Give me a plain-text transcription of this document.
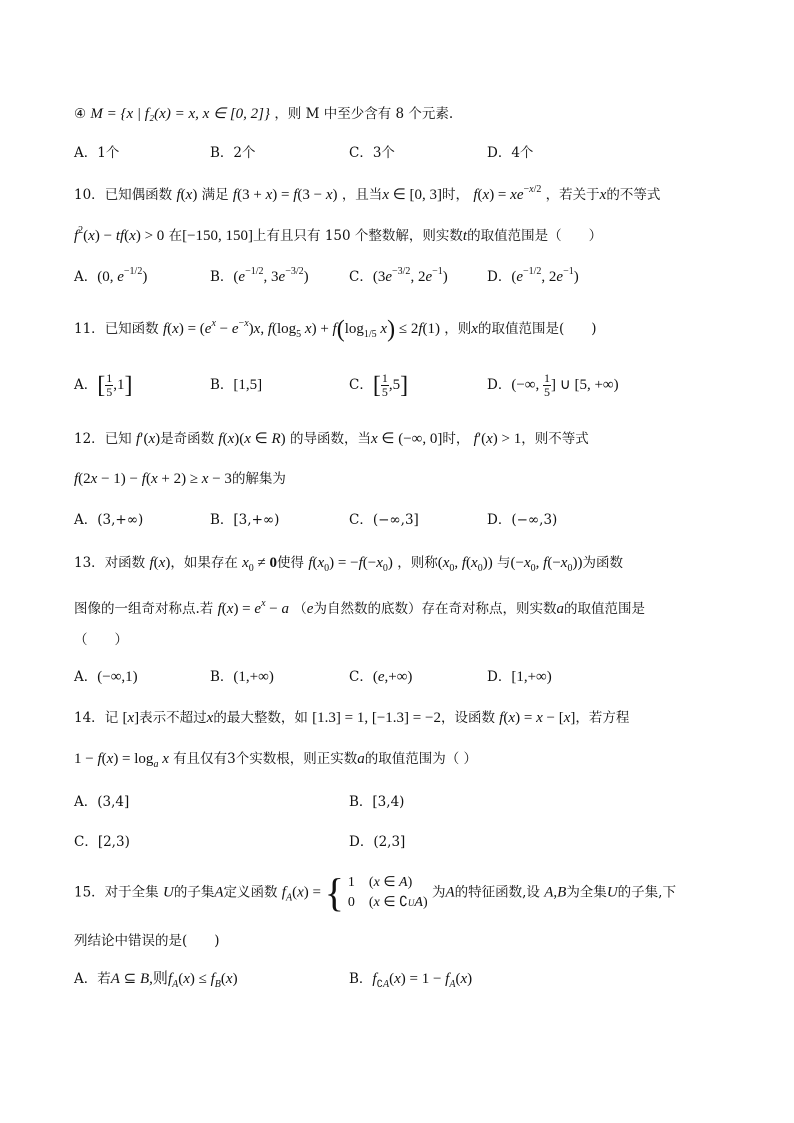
④ M = {x | f₂(x) = x, x ∈ [0, 2]} ，则 M 中至少含有 8 个元素.
A．1个	B．2个	C．3个	D．4个
10．已知偶函数 f(x) 满足 f(3 + x) = f(3 − x) ，且当x ∈ [0, 3]时， $f(x) = xe^{-x/2}$ ，若关于x的不等式
$f^2(x) - tf(x) > 0$ 在[−150, 150]上有且只有 150 个整数解，则实数t的取值范围是（　　）
A．(0, $e^{-1/2}$)	B．($e^{-1/2}$, $3e^{-3/2}$)	C．($3e^{-3/2}$, $2e^{-1}$)	D．($e^{-1/2}$, $2e^{-1}$)
11．已知函数 $f(x) = (e^x - e^{-x})x$, $f(\log_5$ $x) + f(\log_{1/5}$ x) ≤ 2f(1) ，则x的取值范围是(　　)
A．[ $\frac{1}{5} ,1$]	B．[1,5]	C．[ $\frac{1}{5} ,5$]	D．(−∞, $\frac{1}{5}$ ] ∪ [5, +∞)
12．已知 f′(x)是奇函数 f(x)(x ∈ R) 的导函数，当x ∈ (−∞, 0]时， f′(x) > 1，则不等式
f(2x − 1) − f(x + 2) ≥ x − 3的解集为
A．(3,+∞)	B．[3,+∞)	C．(−∞,3]	D．(−∞,3)
13．对函数 f(x)，如果存在 $x_0 \ne 0$使得 $f(x_0) = -f(-x_0)$ ，则称($x_0$, $f(x_0)$) 与($-x_0$, $f(-x_0)$)为函数
图像的一组奇对称点.若 $f(x) = e^x - a$ （e为自然数的底数）存在奇对称点，则实数a的取值范围是
（　　）
A．(−∞,1)	B．(1,+∞)	C．(e,+∞)	D．[1,+∞)
14．记 [x]表示不超过x的最大整数，如 [1.3] = 1, [−1.3] = −2，设函数 f(x) = x − [x]，若方程
$1 - f(x) = \log_a x$ 有且仅有3个实数根，则正实数a的取值范围为（ ）
A．(3,4]	B．[3,4)
C．[2,3)	D．(2,3]
15．对于全集 U的子集A定义函数 $f_A(x)$ = { 1　(x ∈ A)
0　(x ∈ ∁UA)
为A的特征函数,设 A,B为全集U的子集,下
列结论中错误的是(　　)
A．若A ⊆ B,则$f_A(x) \le f_B(x)$	B．$f_{∁A}(x) = 1 - f_A(x)$
